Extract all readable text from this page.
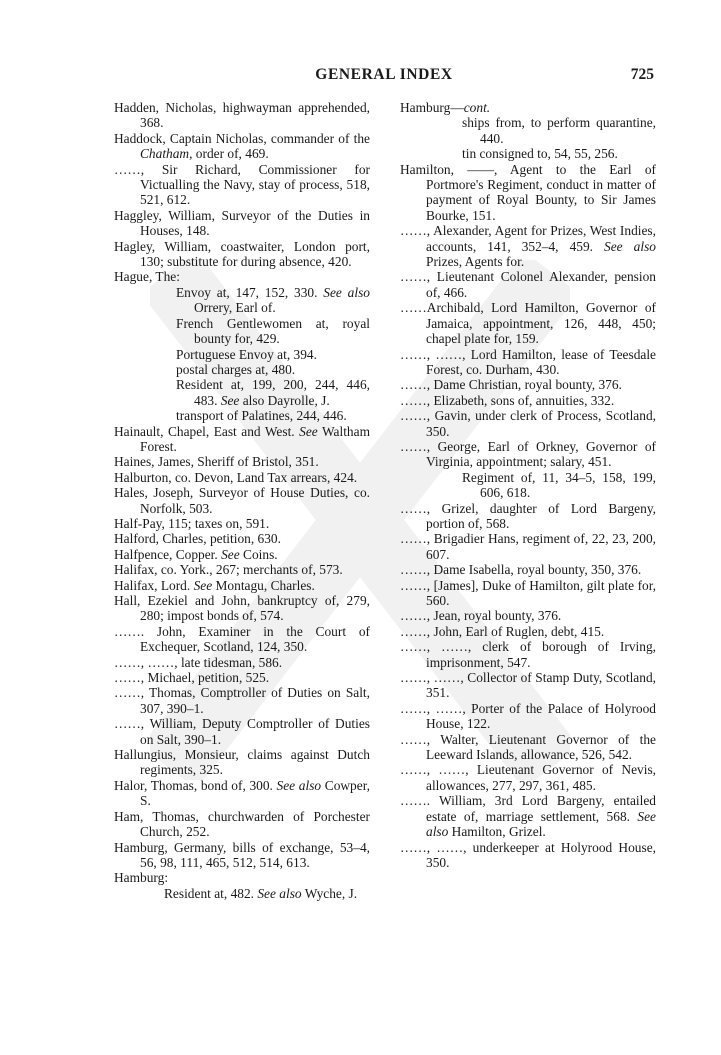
GENERAL INDEX	725

Hadden, Nicholas, highwayman apprehended, 368.

Haddock, Captain Nicholas, commander of the Chatham, order of, 469.

……, Sir Richard, Commissioner for Victualling the Navy, stay of process, 518, 521, 612.

Haggley, William, Surveyor of the Duties in Houses, 148.

Hagley, William, coastwaiter, London port, 130; substitute for during absence, 420.

Hague, The:

Envoy at, 147, 152, 330. See also Orrery, Earl of.

French Gentlewomen at, royal bounty for, 429.

Portuguese Envoy at, 394.

postal charges at, 480.

Resident at, 199, 200, 244, 446, 483. See also Dayrolle, J.

transport of Palatines, 244, 446.

Hainault, Chapel, East and West. See Waltham Forest.

Haines, James, Sheriff of Bristol, 351.

Halburton, co. Devon, Land Tax arrears, 424.

Hales, Joseph, Surveyor of House Duties, co. Norfolk, 503.

Half-Pay, 115; taxes on, 591.

Halford, Charles, petition, 630.

Halfpence, Copper. See Coins.

Halifax, co. York., 267; merchants of, 573.

Halifax, Lord. See Montagu, Charles.

Hall, Ezekiel and John, bankruptcy of, 279, 280; impost bonds of, 574.

……. John, Examiner in the Court of Exchequer, Scotland, 124, 350.

……, ……, late tidesman, 586.

……, Michael, petition, 525.

……, Thomas, Comptroller of Duties on Salt, 307, 390–1.

……, William, Deputy Comptroller of Duties on Salt, 390–1.

Hallungius, Monsieur, claims against Dutch regiments, 325.

Halor, Thomas, bond of, 300. See also Cowper, S.

Ham, Thomas, churchwarden of Porchester Church, 252.

Hamburg, Germany, bills of exchange, 53–4, 56, 98, 111, 465, 512, 514, 613.

Hamburg:

Resident at, 482. See also Wyche, J.

Hamburg—cont.

ships from, to perform quarantine, 440.

tin consigned to, 54, 55, 256.

Hamilton, ——, Agent to the Earl of Portmore's Regiment, conduct in matter of payment of Royal Bounty, to Sir James Bourke, 151.

……, Alexander, Agent for Prizes, West Indies, accounts, 141, 352–4, 459. See also Prizes, Agents for.

……, Lieutenant Colonel Alexander, pension of, 466.

……Archibald, Lord Hamilton, Governor of Jamaica, appointment, 126, 448, 450; chapel plate for, 159.

……, ……, Lord Hamilton, lease of Teesdale Forest, co. Durham, 430.

……, Dame Christian, royal bounty, 376.

……, Elizabeth, sons of, annuities, 332.

……, Gavin, under clerk of Process, Scotland, 350.

……, George, Earl of Orkney, Governor of Virginia, appointment; salary, 451.

Regiment of, 11, 34–5, 158, 199, 606, 618.

……, Grizel, daughter of Lord Bargeny, portion of, 568.

……, Brigadier Hans, regiment of, 22, 23, 200, 607.

……, Dame Isabella, royal bounty, 350, 376.

……, [James], Duke of Hamilton, gilt plate for, 560.

……, Jean, royal bounty, 376.

……, John, Earl of Ruglen, debt, 415.

……, ……, clerk of borough of Irving, imprisonment, 547.

……, ……, Collector of Stamp Duty, Scotland, 351.

……, ……, Porter of the Palace of Holyrood House, 122.

……, Walter, Lieutenant Governor of the Leeward Islands, allowance, 526, 542.

……, ……, Lieutenant Governor of Nevis, allowances, 277, 297, 361, 485.

……. William, 3rd Lord Bargeny, entailed estate of, marriage settlement, 568. See also Hamilton, Grizel.

……, ……, underkeeper at Holyrood House, 350.
